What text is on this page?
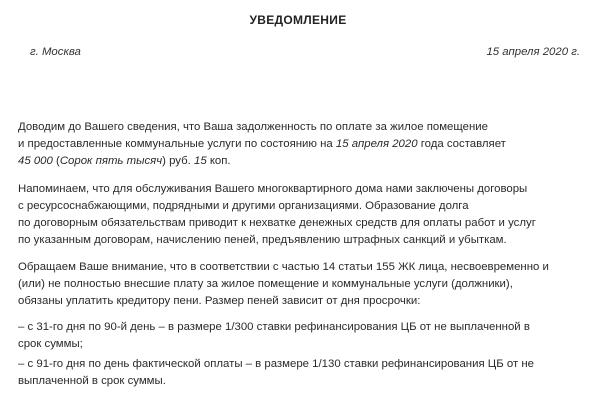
УВЕДОМЛЕНИЕ
г. Москва	15 апреля 2020 г.
Доводим до Вашего сведения, что Ваша задолженность по оплате за жилое помещение
и предоставленные коммунальные услуги по состоянию на 15 апреля 2020 года составляет
45 000 (Сорок пять тысяч) руб. 15 коп.
Напоминаем, что для обслуживания Вашего многоквартирного дома нами заключены договоры
с ресурсоснабжающими, подрядными и другими организациями. Образование долга
по договорным обязательствам приводит к нехватке денежных средств для оплаты работ и услуг
по указанным договорам, начислению пеней, предъявлению штрафных санкций и убыткам.
Обращаем Ваше внимание, что в соответствии с частью 14 статьи 155 ЖК лица, несвоевременно и
(или) не полностью внесшие плату за жилое помещение и коммунальные услуги (должники),
обязаны уплатить кредитору пени. Размер пеней зависит от дня просрочки:
– с 31-го дня по 90-й день – в размере 1/300 ставки рефинансирования ЦБ от не выплаченной в
срок суммы;
– с 91-го дня по день фактической оплаты – в размере 1/130 ставки рефинансирования ЦБ от не
выплаченной в срок суммы.
